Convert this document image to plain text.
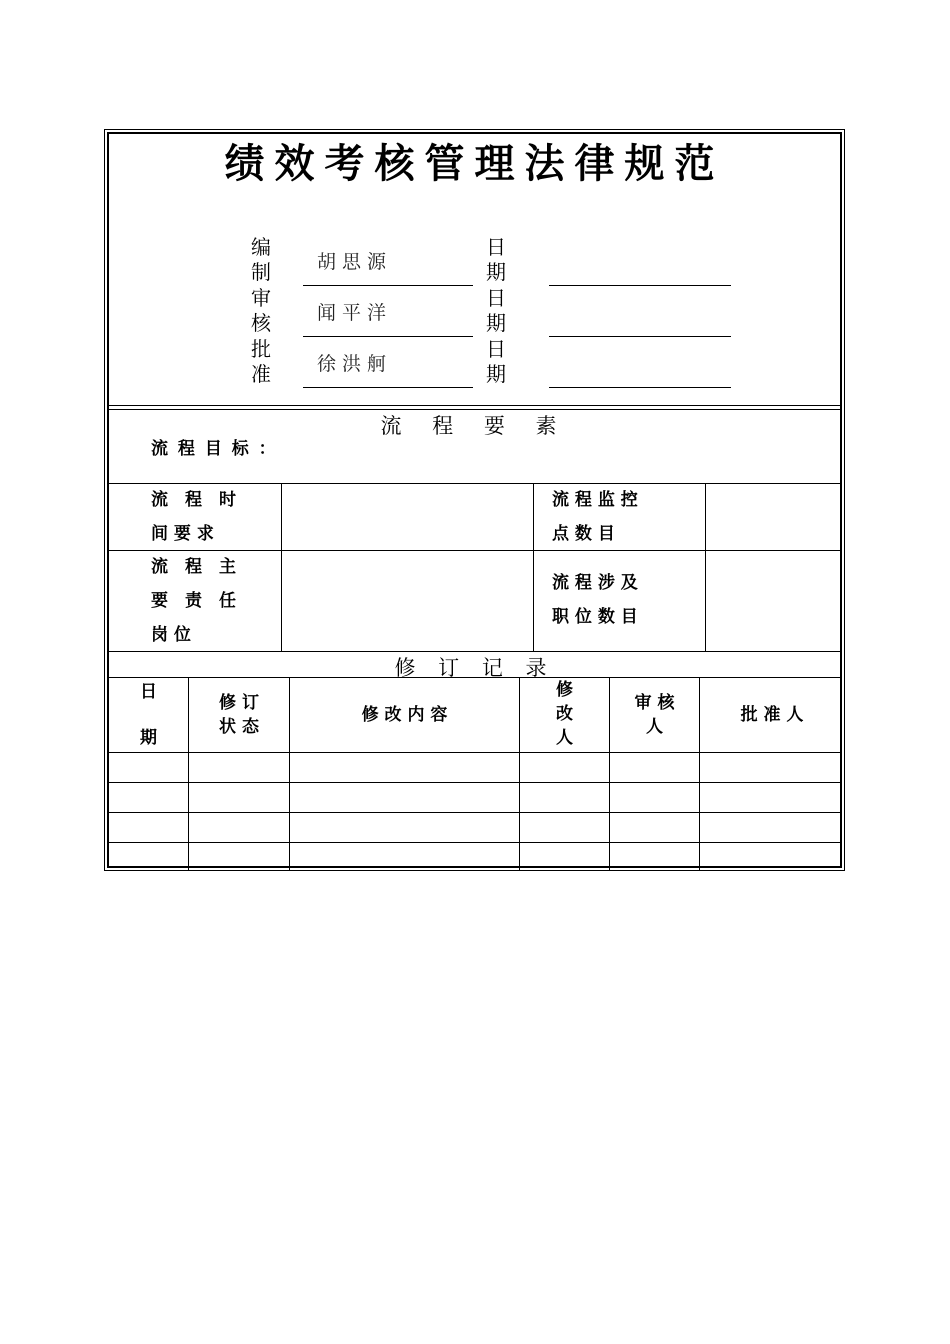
绩效考核管理法律规范
编
制 胡思源
日
期
审
核 闻平洋
日
期
批
准 徐洪舸
日
期
流 程 要 素
流 程 目 标 ：
流　程　时
间 要 求
流 程 监 控
点 数 目
流　程　主
要　责　任
岗 位
流 程 涉 及
职 位 数 目
修 订 记 录
日
期
修 订
状 态
修 改 内 容
修
改
人
审 核
人
批 准 人
